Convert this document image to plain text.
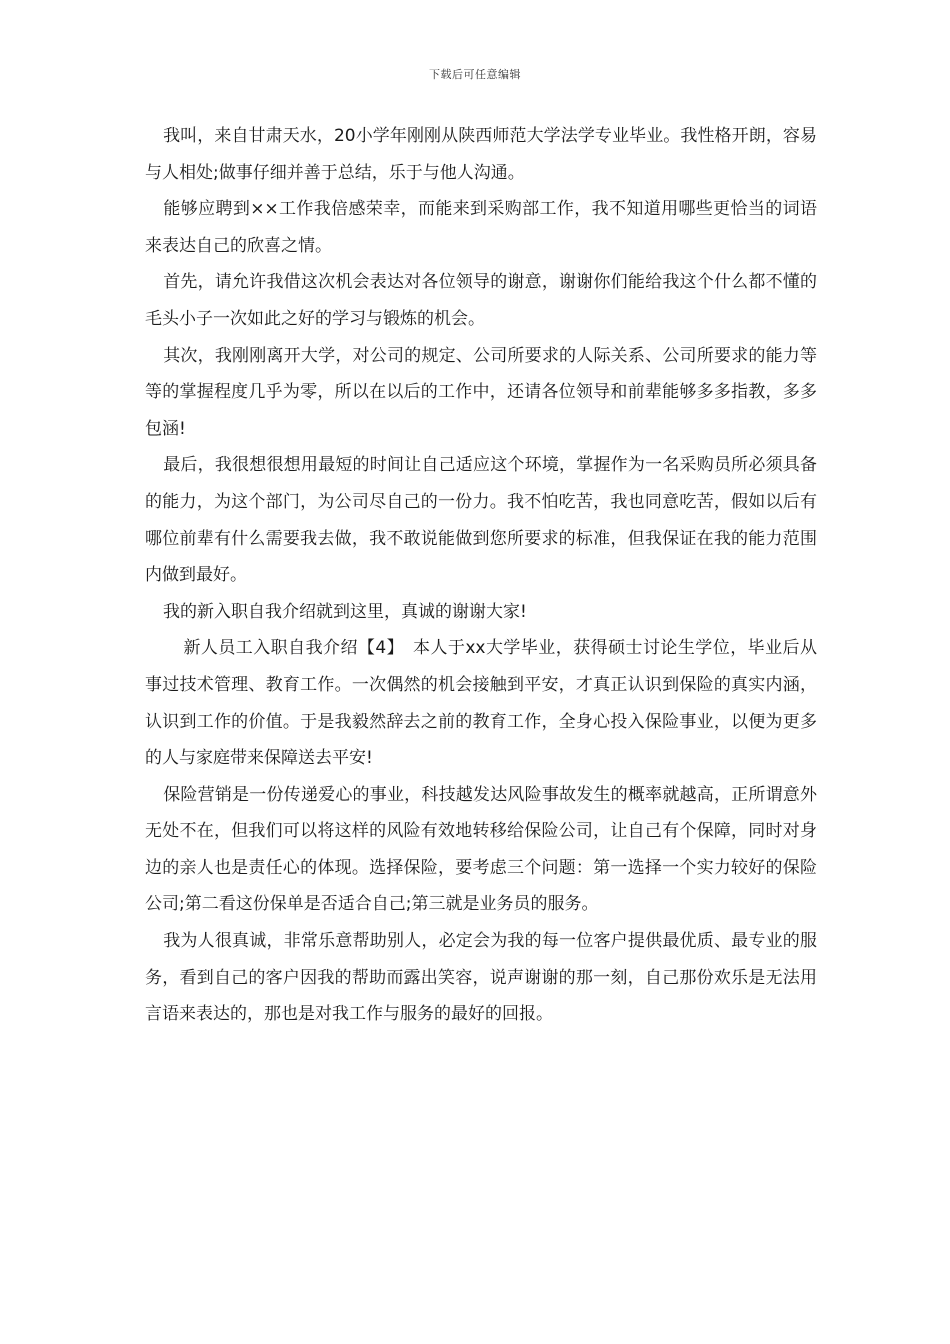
下载后可任意编辑

我叫，来自甘肃天水，20小学年刚刚从陕西师范大学法学专业毕业。我性格开朗，容易与人相处;做事仔细并善于总结，乐于与他人沟通。

能够应聘到××工作我倍感荣幸，而能来到采购部工作，我不知道用哪些更恰当的词语来表达自己的欣喜之情。

首先，请允许我借这次机会表达对各位领导的谢意，谢谢你们能给我这个什么都不懂的毛头小子一次如此之好的学习与锻炼的机会。

其次，我刚刚离开大学，对公司的规定、公司所要求的人际关系、公司所要求的能力等等的掌握程度几乎为零，所以在以后的工作中，还请各位领导和前辈能够多多指教，多多包涵!

最后，我很想很想用最短的时间让自己适应这个环境，掌握作为一名采购员所必须具备的能力，为这个部门，为公司尽自己的一份力。我不怕吃苦，我也同意吃苦，假如以后有哪位前辈有什么需要我去做，我不敢说能做到您所要求的标准，但我保证在我的能力范围内做到最好。

我的新入职自我介绍就到这里，真诚的谢谢大家!

新人员工入职自我介绍【4】　本人于xx大学毕业，获得硕士讨论生学位，毕业后从事过技术管理、教育工作。一次偶然的机会接触到平安，才真正认识到保险的真实内涵，认识到工作的价值。于是我毅然辞去之前的教育工作，全身心投入保险事业，以便为更多的人与家庭带来保障送去平安!

保险营销是一份传递爱心的事业，科技越发达风险事故发生的概率就越高，正所谓意外无处不在，但我们可以将这样的风险有效地转移给保险公司，让自己有个保障，同时对身边的亲人也是责任心的体现。选择保险，要考虑三个问题：第一选择一个实力较好的保险公司;第二看这份保单是否适合自己;第三就是业务员的服务。

我为人很真诚，非常乐意帮助别人，必定会为我的每一位客户提供最优质、最专业的服务，看到自己的客户因我的帮助而露出笑容，说声谢谢的那一刻，自己那份欢乐是无法用言语来表达的，那也是对我工作与服务的最好的回报。
